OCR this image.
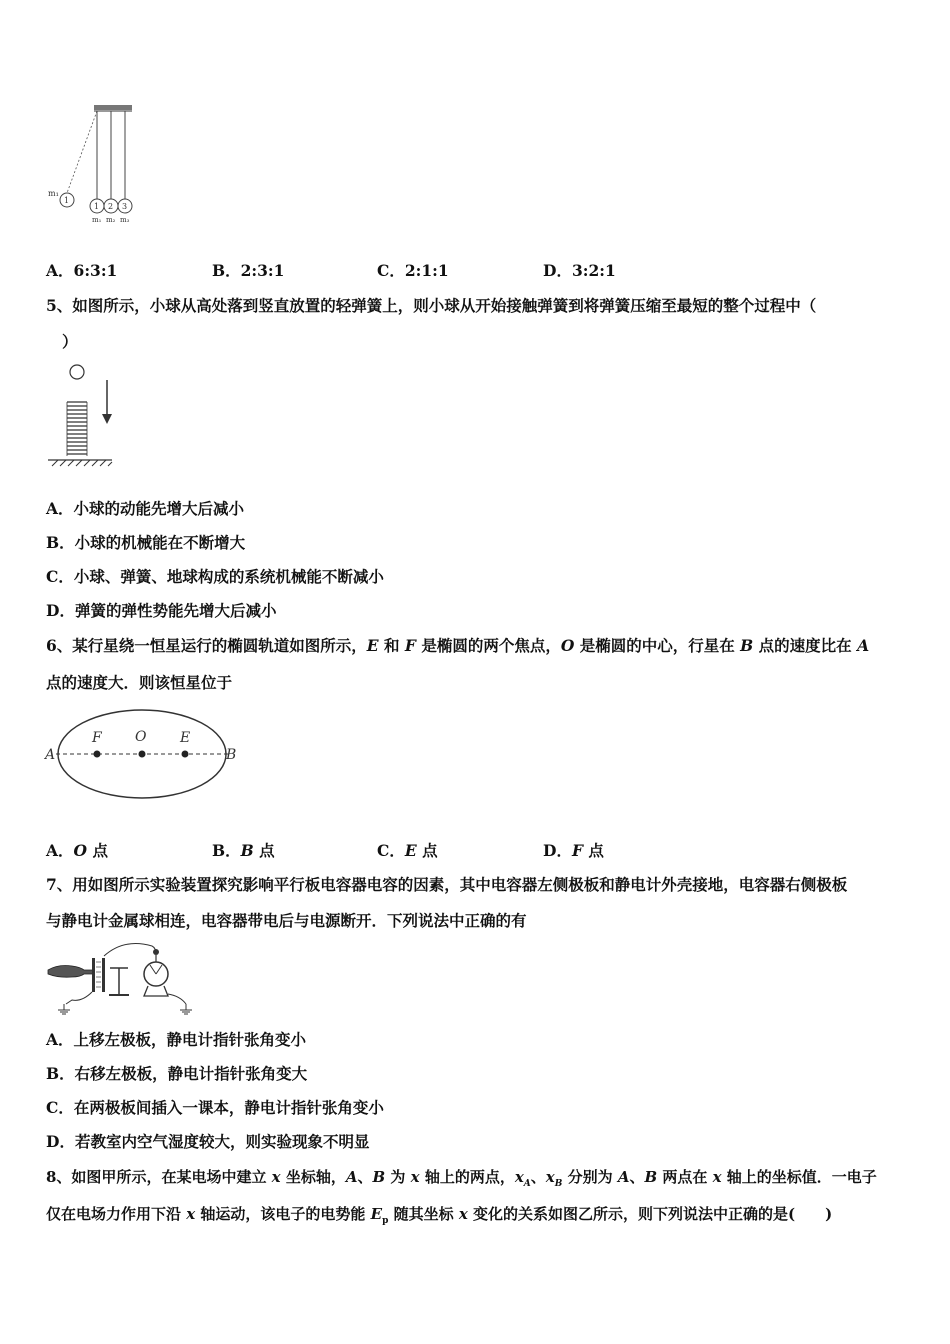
m₁
1
1 2 3
m₁ m₂ m₃
A．6:3:1	B．2:3:1	C．2:1:1	D．3:2:1
5、如图所示，小球从高处落到竖直放置的轻弹簧上，则小球从开始接触弹簧到将弹簧压缩至最短的整个过程中（
）
A．小球的动能先增大后减小
B．小球的机械能在不断增大
C．小球、弹簧、地球构成的系统机械能不断减小
D．弹簧的弹性势能先增大后减小
6、某行星绕一恒星运行的椭圆轨道如图所示，E 和 F 是椭圆的两个焦点，O 是椭圆的中心，行星在 B 点的速度比在 A
点的速度大．则该恒星位于
A
F O E
B
A．O 点	B．B 点	C．E 点	D．F 点
7、用如图所示实验装置探究影响平行板电容器电容的因素，其中电容器左侧极板和静电计外壳接地，电容器右侧极板
与静电计金属球相连，电容器带电后与电源断开．下列说法中正确的有
A．上移左极板，静电计指针张角变小
B．右移左极板，静电计指针张角变大
C．在两极板间插入一课本，静电计指针张角变小
D．若教室内空气湿度较大，则实验现象不明显
8、如图甲所示，在某电场中建立 x 坐标轴，A、B 为 x 轴上的两点，$x_A$、$x_B$ 分别为 A、B 两点在 x 轴上的坐标值．一电子
仅在电场力作用下沿 x 轴运动，该电子的电势能 $E_p$ 随其坐标 x 变化的关系如图乙所示，则下列说法中正确的是(　　)
